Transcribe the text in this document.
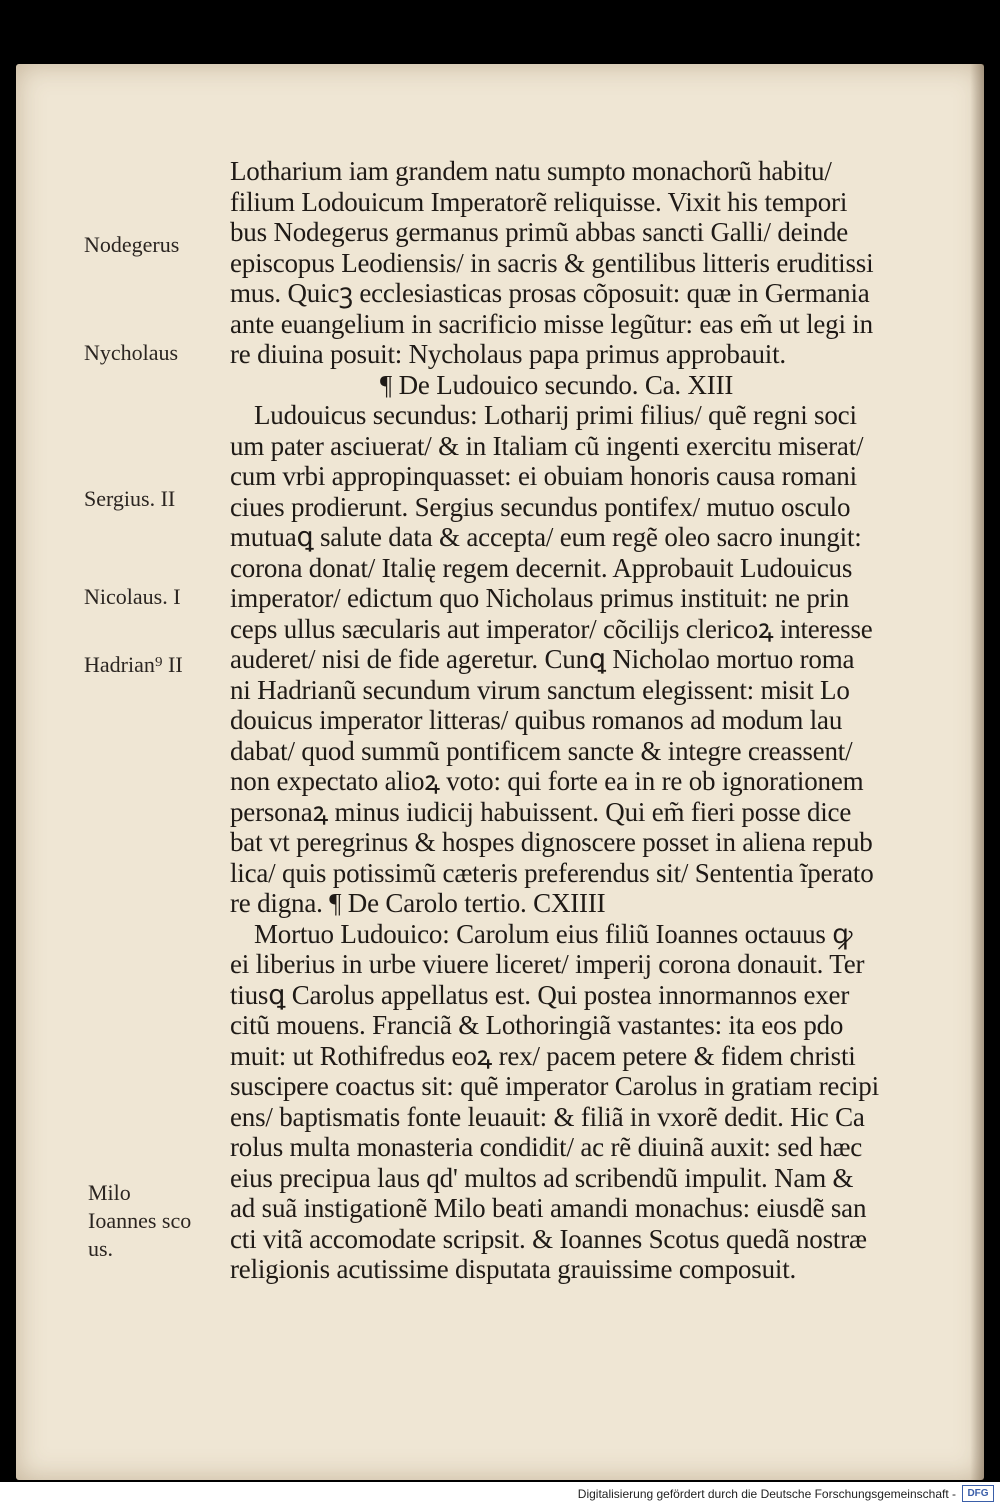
Lotharium iam grandem natu sumpto monachorũ habitu/
filium Lodouicum Imperatorẽ reliquisse. Vixit his tempori
bus Nodegerus germanus primũ abbas sancti Galli/ deinde
episcopus Leodiensis/ in sacris & gentilibus litteris eruditissi
mus. Quicꝫ ecclesiasticas prosas cõposuit: quæ in Germania
ante euangelium in sacrificio misse legũtur: eas em̃ ut legi in
re diuina posuit: Nycholaus papa primus approbauit.
¶ De Ludouico secundo. Ca. XIII
Ludouicus secundus: Lotharij primi filius/ quẽ regni soci
um pater asciuerat/ & in Italiam cũ ingenti exercitu miserat/
cum vrbi appropinquasset: ei obuiam honoris causa romani
ciues prodierunt. Sergius secundus pontifex/ mutuo osculo
mutuaꝗ salute data & accepta/ eum regẽ oleo sacro inungit:
corona donat/ Italię regem decernit. Approbauit Ludouicus
imperator/ edictum quo Nicholaus primus instituit: ne prin
ceps ullus sæcularis aut imperator/ cõcilijs clericoꝝ interesse
auderet/ nisi de fide ageretur. Cunꝗ Nicholao mortuo roma
ni Hadrianũ secundum virum sanctum elegissent: misit Lo
douicus imperator litteras/ quibus romanos ad modum lau
dabat/ quod summũ pontificem sancte & integre creassent/
non expectato alioꝝ voto: qui forte ea in re ob ignorationem
personaꝝ minus iudicij habuissent. Qui em̃ fieri posse dice
bat vt peregrinus & hospes dignoscere posset in aliena repub
lica/ quis potissimũ cæteris preferendus sit/ Sententia ĩperato
re digna. ¶ De Carolo tertio. CXIIII
Mortuo Ludouico: Carolum eius filiũ Ioannes octauus ꝙ
ei liberius in urbe viuere liceret/ imperij corona donauit. Ter
tiusꝗ Carolus appellatus est. Qui postea innormannos exer
citũ mouens. Franciã & Lothoringiã vastantes: ita eos pdo
muit: ut Rothifredus eoꝝ rex/ pacem petere & fidem christi
suscipere coactus sit: quẽ imperator Carolus in gratiam recipi
ens/ baptismatis fonte leuauit: & filiã in vxorẽ dedit. Hic Ca
rolus multa monasteria condidit/ ac rẽ diuinã auxit: sed hæc
eius precipua laus qd' multos ad scribendũ impulit. Nam &
ad suã instigationẽ Milo beati amandi monachus: eiusdẽ san
cti vitã accomodate scripsit. & Ioannes Scotus quedã nostræ
religionis acutissime disputata grauissime composuit.
Nodegerus
Nycholaus
Sergius. II
Nicolaus. I
Hadrian⁹ II
Milo
Ioannes sco
us.
Digitalisierung gefördert durch die Deutsche Forschungsgemeinschaft -	DFG
